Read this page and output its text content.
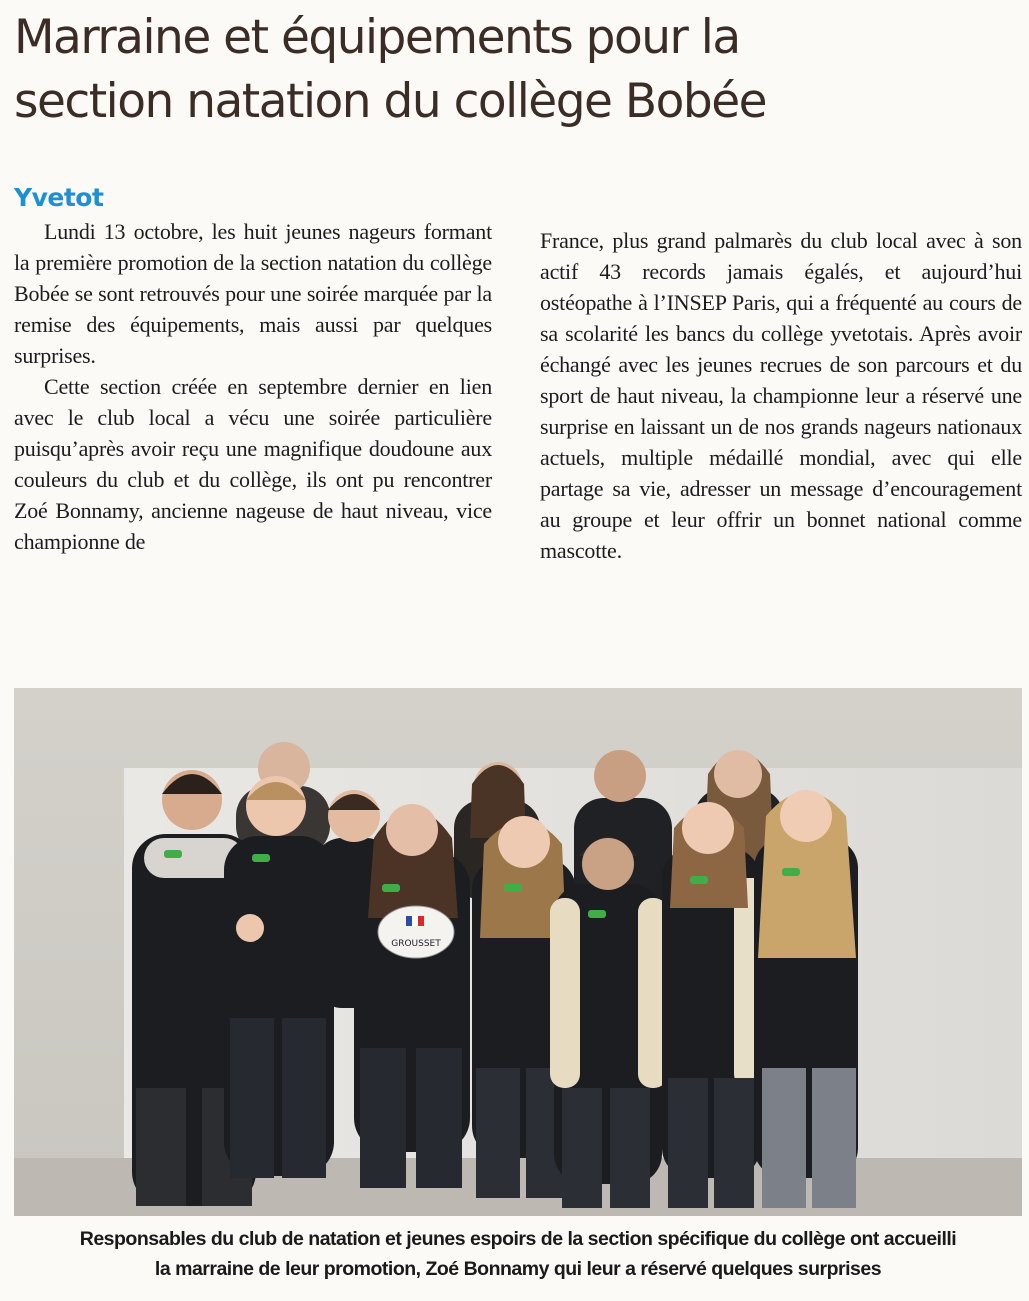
Marraine et équipements pour la
section natation du collège Bobée
Yvetot

Lundi 13 octobre, les huit jeunes nageurs formant la première promotion de la section natation du collège Bobée se sont retrouvés pour une soirée marquée par la remise des équipements, mais aussi par quelques surprises.

Cette section créée en septembre dernier en lien avec le club local a vécu une soirée particulière puisqu’après avoir reçu une magnifique doudoune aux couleurs du club et du collège, ils ont pu rencontrer Zoé Bonnamy, ancienne nageuse de haut niveau, vice championne de

France, plus grand palmarès du club local avec à son actif 43 records jamais égalés, et aujourd’hui ostéopathe à l’INSEP Paris, qui a fréquenté au cours de sa scolarité les bancs du collège yvetotais. Après avoir échangé avec les jeunes recrues de son parcours et du sport de haut niveau, la championne leur a réservé une surprise en laissant un de nos grands nageurs nationaux actuels, multiple médaillé mondial, avec qui elle partage sa vie, adresser un message d’encouragement au groupe et leur offrir un bonnet national comme mascotte.

GROUSSET
Responsables du club de natation et jeunes espoirs de la section spécifique du collège ont accueilli
la marraine de leur promotion, Zoé Bonnamy qui leur a réservé quelques surprises
